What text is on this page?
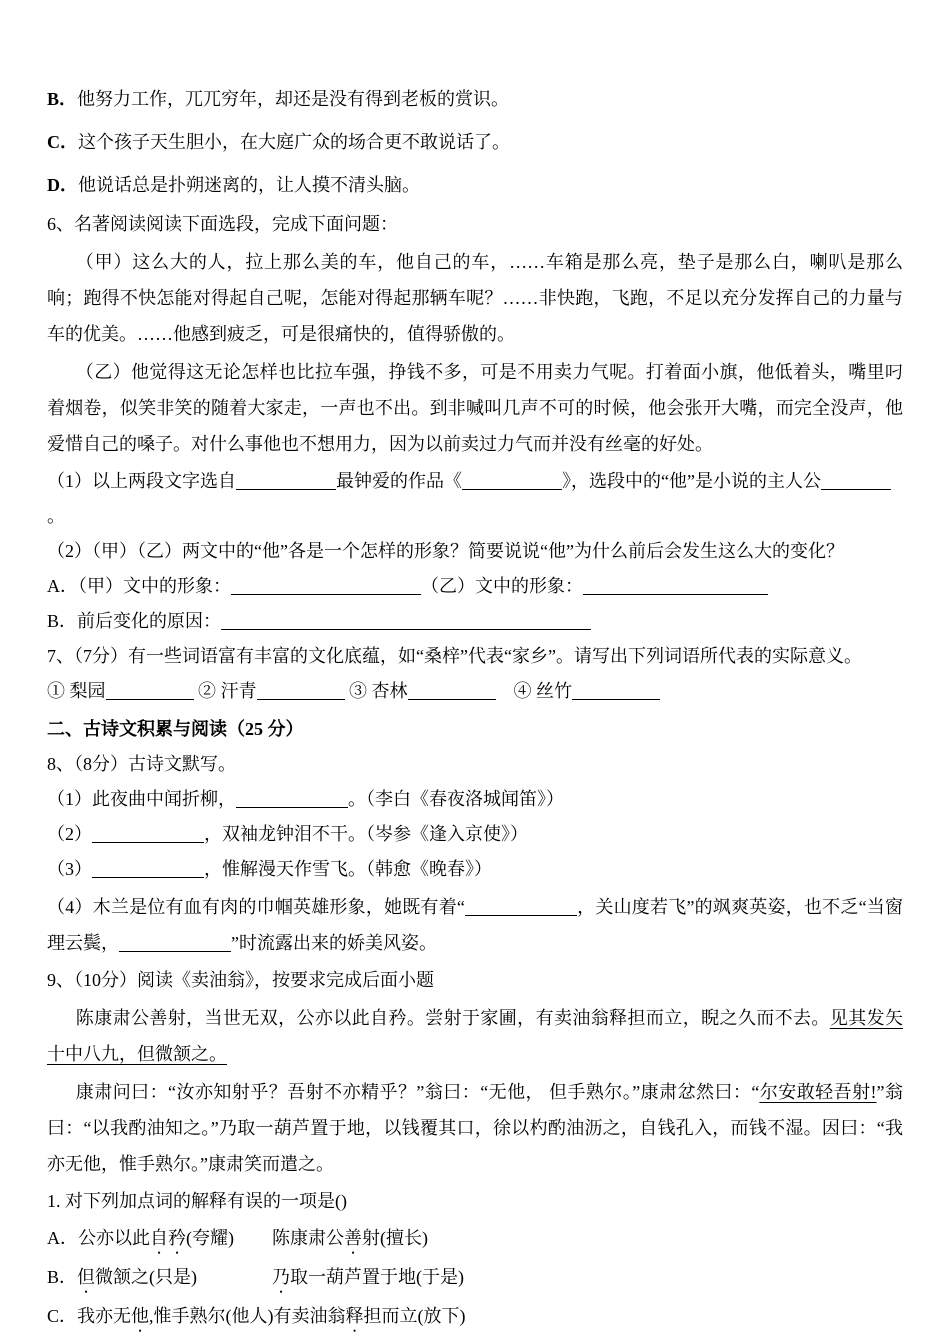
B．他努力工作，兀兀穷年，却还是没有得到老板的赏识。
C．这个孩子天生胆小，在大庭广众的场合更不敢说话了。
D．他说话总是扑朔迷离的，让人摸不清头脑。
6、名著阅读阅读下面选段，完成下面问题：
（甲）这么大的人，拉上那么美的车，他自己的车，……车箱是那么亮，垫子是那么白，喇叭是那么响；跑得不快怎能对得起自己呢，怎能对得起那辆车呢？……非快跑，飞跑，不足以充分发挥自己的力量与车的优美。……他感到疲乏，可是很痛快的，值得骄傲的。
（乙）他觉得这无论怎样也比拉车强，挣钱不多，可是不用卖力气呢。打着面小旗，他低着头，嘴里叼着烟卷，似笑非笑的随着大家走，一声也不出。到非喊叫几声不可的时候，他会张开大嘴，而完全没声，他爱惜自己的嗓子。对什么事他也不想用力，因为以前卖过力气而并没有丝毫的好处。
（1）以上两段文字选自	最钟爱的作品《	》，选段中的“他”是小说的主人公。
（2）（甲）（乙）两文中的“他”各是一个怎样的形象？简要说说“他”为什么前后会发生这么大的变化？
A．（甲）文中的形象：	（乙）文中的形象：
B．前后变化的原因：
7、（7分）有一些词语富有丰富的文化底蕴，如“桑梓”代表“家乡”。请写出下列词语所代表的实际意义。
① 梨园	② 汗青	③ 杏林	　④ 丝竹
二、古诗文积累与阅读（25 分）
8、（8分）古诗文默写。
（1）此夜曲中闻折柳，	。（李白《春夜洛城闻笛》）
（2）	，双袖龙钟泪不干。（岑参《逢入京使》）
（3）	，惟解漫天作雪飞。（韩愈《晚春》）
（4）木兰是位有血有肉的巾帼英雄形象，她既有着“	，关山度若飞”的飒爽英姿，也不乏“当窗理云鬓，	”时流露出来的娇美风姿。
9、（10分）阅读《卖油翁》，按要求完成后面小题
陈康肃公善射，当世无双，公亦以此自矜。尝射于家圃，有卖油翁释担而立，睨之久而不去。见其发矢十中八九，但微颔之。
康肃问曰：“汝亦知射乎？吾射不亦精乎？”翁曰：“无他， 但手熟尔。”康肃忿然曰：“尔安敢轻吾射!”翁曰：“以我酌油知之。”乃取一葫芦置于地，以钱覆其口，徐以杓酌油沥之，自钱孔入，而钱不湿。因曰：“我亦无他，惟手熟尔。”康肃笑而遣之。
1. 对下列加点词的解释有误的一项是()
A．公亦以此自矜(夸耀)	陈康肃公善射(擅长)
B．但微颔之(只是)	乃取一葫芦置于地(于是)
C．我亦无他,惟手熟尔(他人) 有卖油翁释担而立(放下)
